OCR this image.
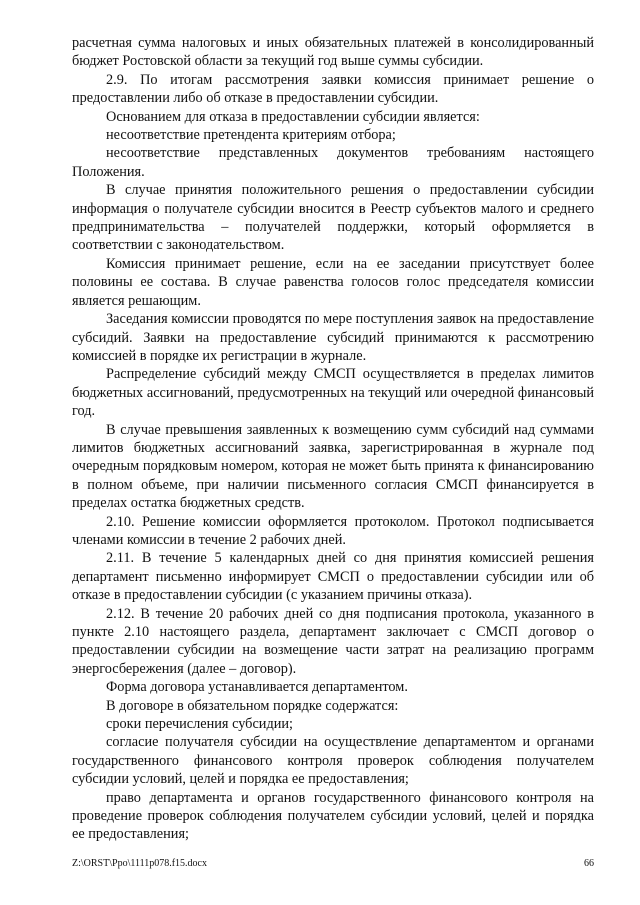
расчетная сумма налоговых и иных обязательных платежей в консолидированный бюджет Ростовской области за текущий год выше суммы субсидии.

2.9. По итогам рассмотрения заявки комиссия принимает решение о предоставлении либо об отказе в предоставлении субсидии.

Основанием для отказа в предоставлении субсидии является:

несоответствие претендента критериям отбора;

несоответствие представленных документов требованиям настоящего Положения.

В случае принятия положительного решения о предоставлении субсидии информация о получателе субсидии вносится в Реестр субъектов малого и среднего предпринимательства – получателей поддержки, который оформляется в соответствии с законодательством.

Комиссия принимает решение, если на ее заседании присутствует более половины ее состава. В случае равенства голосов голос председателя комиссии является решающим.

Заседания комиссии проводятся по мере поступления заявок на предоставление субсидий. Заявки на предоставление субсидий принимаются к рассмотрению комиссией в порядке их регистрации в журнале.

Распределение субсидий между СМСП осуществляется в пределах лимитов бюджетных ассигнований, предусмотренных на текущий или очередной финансовый год.

В случае превышения заявленных к возмещению сумм субсидий над суммами лимитов бюджетных ассигнований заявка, зарегистрированная в журнале под очередным порядковым номером, которая не может быть принята к финансированию в полном объеме, при наличии письменного согласия СМСП финансируется в пределах остатка бюджетных средств.

2.10. Решение комиссии оформляется протоколом. Протокол подписывается членами комиссии в течение 2 рабочих дней.

2.11. В течение 5 календарных дней со дня принятия комиссией решения департамент письменно информирует СМСП о предоставлении субсидии или об отказе в предоставлении субсидии (с указанием причины отказа).

2.12. В течение 20 рабочих дней со дня подписания протокола, указанного в пункте 2.10 настоящего раздела, департамент заключает с СМСП договор о предоставлении субсидии на возмещение части затрат на реализацию программ энергосбережения (далее – договор).

Форма договора устанавливается департаментом.

В договоре в обязательном порядке содержатся:

сроки перечисления субсидии;

согласие получателя субсидии на осуществление департаментом и органами государственного финансового контроля проверок соблюдения получателем субсидии условий, целей и порядка ее предоставления;

право департамента и органов государственного финансового контроля на проведение проверок соблюдения получателем субсидии условий, целей и порядка ее предоставления;

Z:\ORST\Ppo\1111p078.f15.docx	66
